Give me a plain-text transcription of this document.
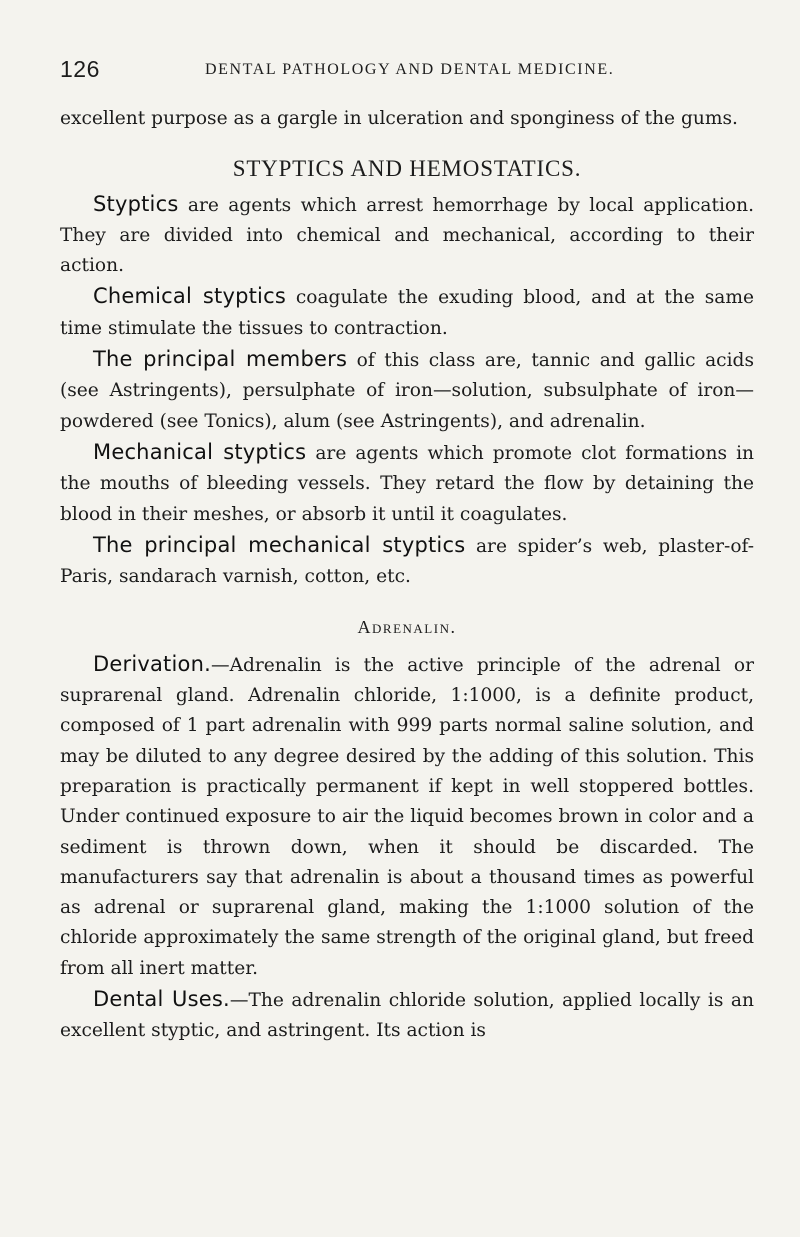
126	DENTAL PATHOLOGY AND DENTAL MEDICINE.

excellent purpose as a gargle in ulceration and sponginess of the gums.

STYPTICS AND HEMOSTATICS.

Styptics are agents which arrest hemorrhage by local application. They are divided into chemical and mechanical, according to their action.

Chemical styptics coagulate the exuding blood, and at the same time stimulate the tissues to contraction.

The principal members of this class are, tannic and gallic acids (see Astringents), persulphate of iron—solution, subsulphate of iron—powdered (see Tonics), alum (see Astringents), and adrenalin.

Mechanical styptics are agents which promote clot formations in the mouths of bleeding vessels. They retard the flow by detaining the blood in their meshes, or absorb it until it coagulates.

The principal mechanical styptics are spider’s web, plaster-of-Paris, sandarach varnish, cotton, etc.

Adrenalin.

Derivation.—Adrenalin is the active principle of the adrenal or suprarenal gland. Adrenalin chloride, 1:1000, is a definite product, composed of 1 part adrenalin with 999 parts normal saline solution, and may be diluted to any degree desired by the adding of this solution. This preparation is practically permanent if kept in well stoppered bottles. Under continued exposure to air the liquid becomes brown in color and a sediment is thrown down, when it should be discarded. The manufacturers say that adrenalin is about a thousand times as powerful as adrenal or suprarenal gland, making the 1:1000 solution of the chloride approximately the same strength of the original gland, but freed from all inert matter.

Dental Uses.—The adrenalin chloride solution, applied locally is an excellent styptic, and astringent. Its action is
